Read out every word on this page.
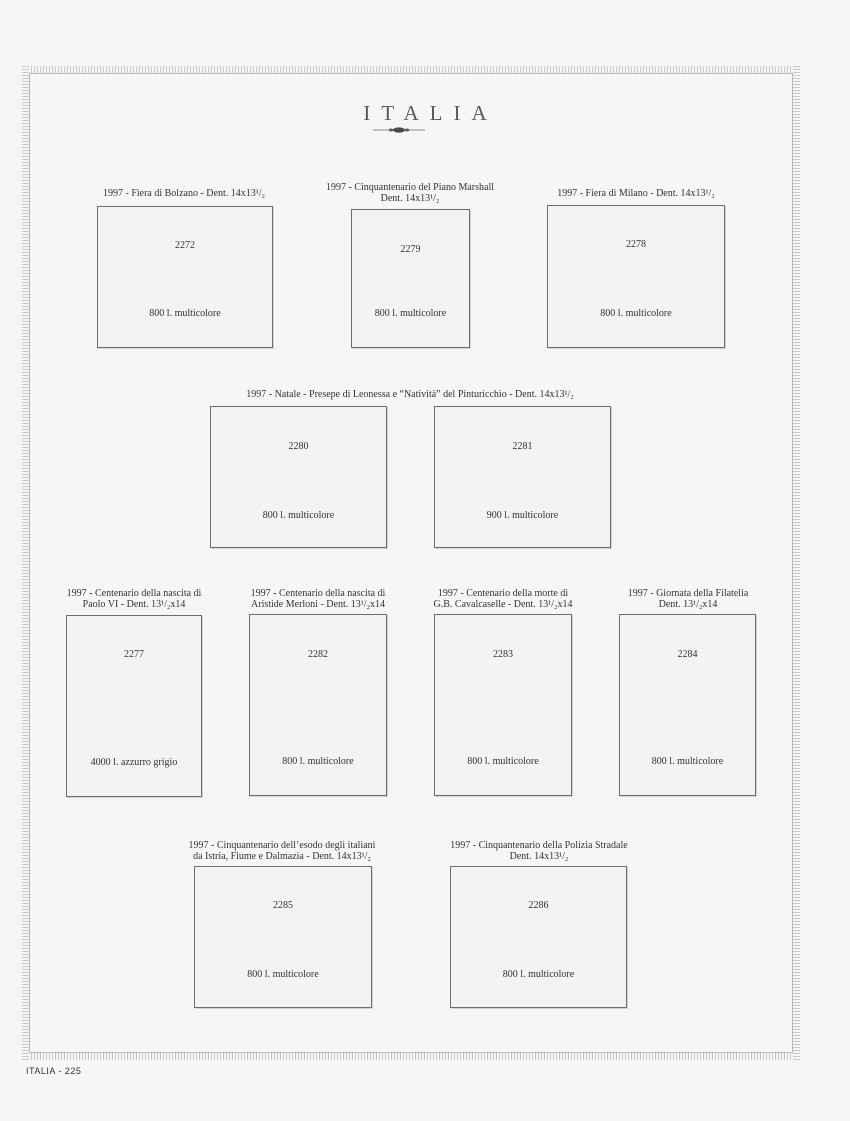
ITALIA
1997 - Fiera di Bolzano - Dent. 14x13¹/₂
2272
800 l. multicolore
1997 - Cinquantenario del Piano Marshall
Dent. 14x13¹/₂
2279
800 l. multicolore
1997 - Fiera di Milano - Dent. 14x13¹/₂
2278
800 l. multicolore
1997 - Natale - Presepe di Leonessa e “Natività” del Pinturicchio - Dent. 14x13¹/₂
2280
800 l. multicolore
2281
900 l. multicolore
1997 - Centenario della nascita di
Paolo VI - Dent. 13¹/₂x14
2277
4000 l. azzurro grigio
1997 - Centenario della nascita di
Aristide Merloni - Dent. 13¹/₂x14
2282
800 l. multicolore
1997 - Centenario della morte di
G.B. Cavalcaselle - Dent. 13¹/₂x14
2283
800 l. multicolore
1997 - Giornata della Filatelia
Dent. 13¹/₂x14
2284
800 l. multicolore
1997 - Cinquantenario dell’esodo degli italiani
da Istria, Fiume e Dalmazia - Dent. 14x13¹/₂
2285
800 l. multicolore
1997 - Cinquantenario della Polizia Stradale
Dent. 14x13¹/₂
2286
800 l. multicolore
ITALIA - 225
